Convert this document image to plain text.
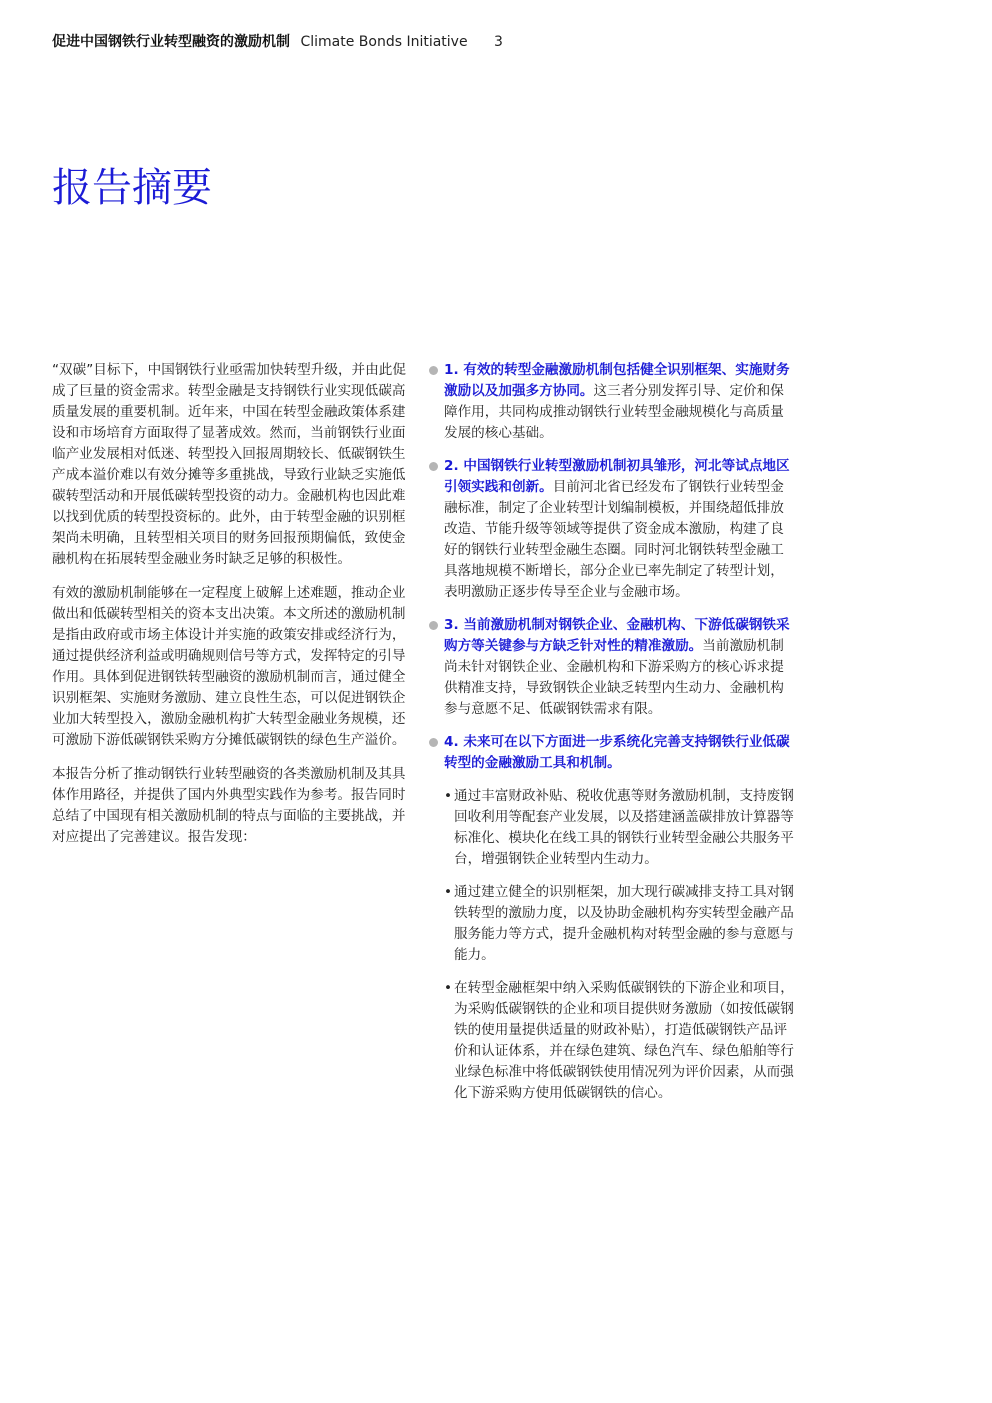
促进中国钢铁行业转型融资的激励机制 Climate Bonds Initiative 3
报告摘要

“双碳”目标下，中国钢铁行业亟需加快转型升级，并由此促成了巨量的资金需求。转型金融是支持钢铁行业实现低碳高质量发展的重要机制。近年来，中国在转型金融政策体系建设和市场培育方面取得了显著成效。然而，当前钢铁行业面临产业发展相对低迷、转型投入回报周期较长、低碳钢铁生产成本溢价难以有效分摊等多重挑战，导致行业缺乏实施低碳转型活动和开展低碳转型投资的动力。金融机构也因此难以找到优质的转型投资标的。此外，由于转型金融的识别框架尚未明确，且转型相关项目的财务回报预期偏低，致使金融机构在拓展转型金融业务时缺乏足够的积极性。

有效的激励机制能够在一定程度上破解上述难题，推动企业做出和低碳转型相关的资本支出决策。本文所述的激励机制是指由政府或市场主体设计并实施的政策安排或经济行为，通过提供经济利益或明确规则信号等方式，发挥特定的引导作用。具体到促进钢铁转型融资的激励机制而言，通过健全识别框架、实施财务激励、建立良性生态，可以促进钢铁企业加大转型投入，激励金融机构扩大转型金融业务规模，还可激励下游低碳钢铁采购方分摊低碳钢铁的绿色生产溢价。

本报告分析了推动钢铁行业转型融资的各类激励机制及其具体作用路径，并提供了国内外典型实践作为参考。报告同时总结了中国现有相关激励机制的特点与面临的主要挑战，并对应提出了完善建议。报告发现：

1. 有效的转型金融激励机制包括健全识别框架、实施财务激励以及加强多方协同。这三者分别发挥引导、定价和保障作用，共同构成推动钢铁行业转型金融规模化与高质量发展的核心基础。
2. 中国钢铁行业转型激励机制初具雏形，河北等试点地区引领实践和创新。目前河北省已经发布了钢铁行业转型金融标准，制定了企业转型计划编制模板，并围绕超低排放改造、节能升级等领域等提供了资金成本激励，构建了良好的钢铁行业转型金融生态圈。同时河北钢铁转型金融工具落地规模不断增长，部分企业已率先制定了转型计划，表明激励正逐步传导至企业与金融市场。
3. 当前激励机制对钢铁企业、金融机构、下游低碳钢铁采购方等关键参与方缺乏针对性的精准激励。当前激励机制尚未针对钢铁企业、金融机构和下游采购方的核心诉求提供精准支持，导致钢铁企业缺乏转型内生动力、金融机构参与意愿不足、低碳钢铁需求有限。
4. 未来可在以下方面进一步系统化完善支持钢铁行业低碳转型的金融激励工具和机制。
• 通过丰富财政补贴、税收优惠等财务激励机制，支持废钢回收利用等配套产业发展，以及搭建涵盖碳排放计算器等标准化、模块化在线工具的钢铁行业转型金融公共服务平台，增强钢铁企业转型内生动力。
• 通过建立健全的识别框架，加大现行碳减排支持工具对钢铁转型的激励力度，以及协助金融机构夯实转型金融产品服务能力等方式，提升金融机构对转型金融的参与意愿与能力。
• 在转型金融框架中纳入采购低碳钢铁的下游企业和项目，为采购低碳钢铁的企业和项目提供财务激励（如按低碳钢铁的使用量提供适量的财政补贴），打造低碳钢铁产品评价和认证体系，并在绿色建筑、绿色汽车、绿色船舶等行业绿色标准中将低碳钢铁使用情况列为评价因素，从而强化下游采购方使用低碳钢铁的信心。
